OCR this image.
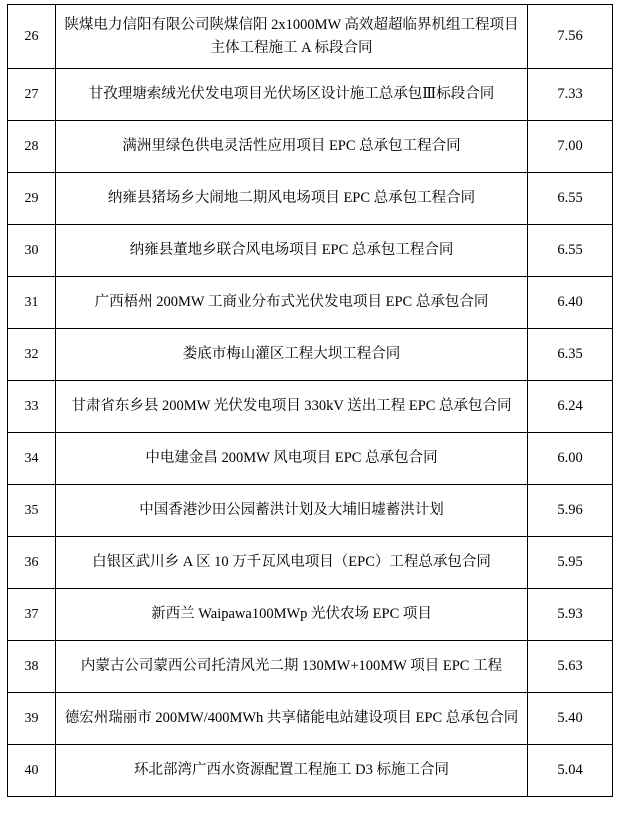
26	陕煤电力信阳有限公司陕煤信阳 2x1000MW 高效超超临界机组工程项目
主体工程施工 A 标段合同	7.56
27	甘孜理塘索绒光伏发电项目光伏场区设计施工总承包Ⅲ标段合同	7.33
28	满洲里绿色供电灵活性应用项目 EPC 总承包工程合同	7.00
29	纳雍县猪场乡大闹地二期风电场项目 EPC 总承包工程合同	6.55
30	纳雍县董地乡联合风电场项目 EPC 总承包工程合同	6.55
31	广西梧州 200MW 工商业分布式光伏发电项目 EPC 总承包合同	6.40
32	娄底市梅山灌区工程大坝工程合同	6.35
33	甘肃省东乡县 200MW 光伏发电项目 330kV 送出工程 EPC 总承包合同	6.24
34	中电建金昌 200MW 风电项目 EPC 总承包合同	6.00
35	中国香港沙田公园蓄洪计划及大埔旧墟蓄洪计划	5.96
36	白银区武川乡 A 区 10 万千瓦风电项目（EPC）工程总承包合同	5.95
37	新西兰 Waipawa100MWp 光伏农场 EPC 项目	5.93
38	内蒙古公司蒙西公司托清风光二期 130MW+100MW 项目 EPC 工程	5.63
39	德宏州瑞丽市 200MW/400MWh 共享储能电站建设项目 EPC 总承包合同	5.40
40	环北部湾广西水资源配置工程施工 D3 标施工合同	5.04
